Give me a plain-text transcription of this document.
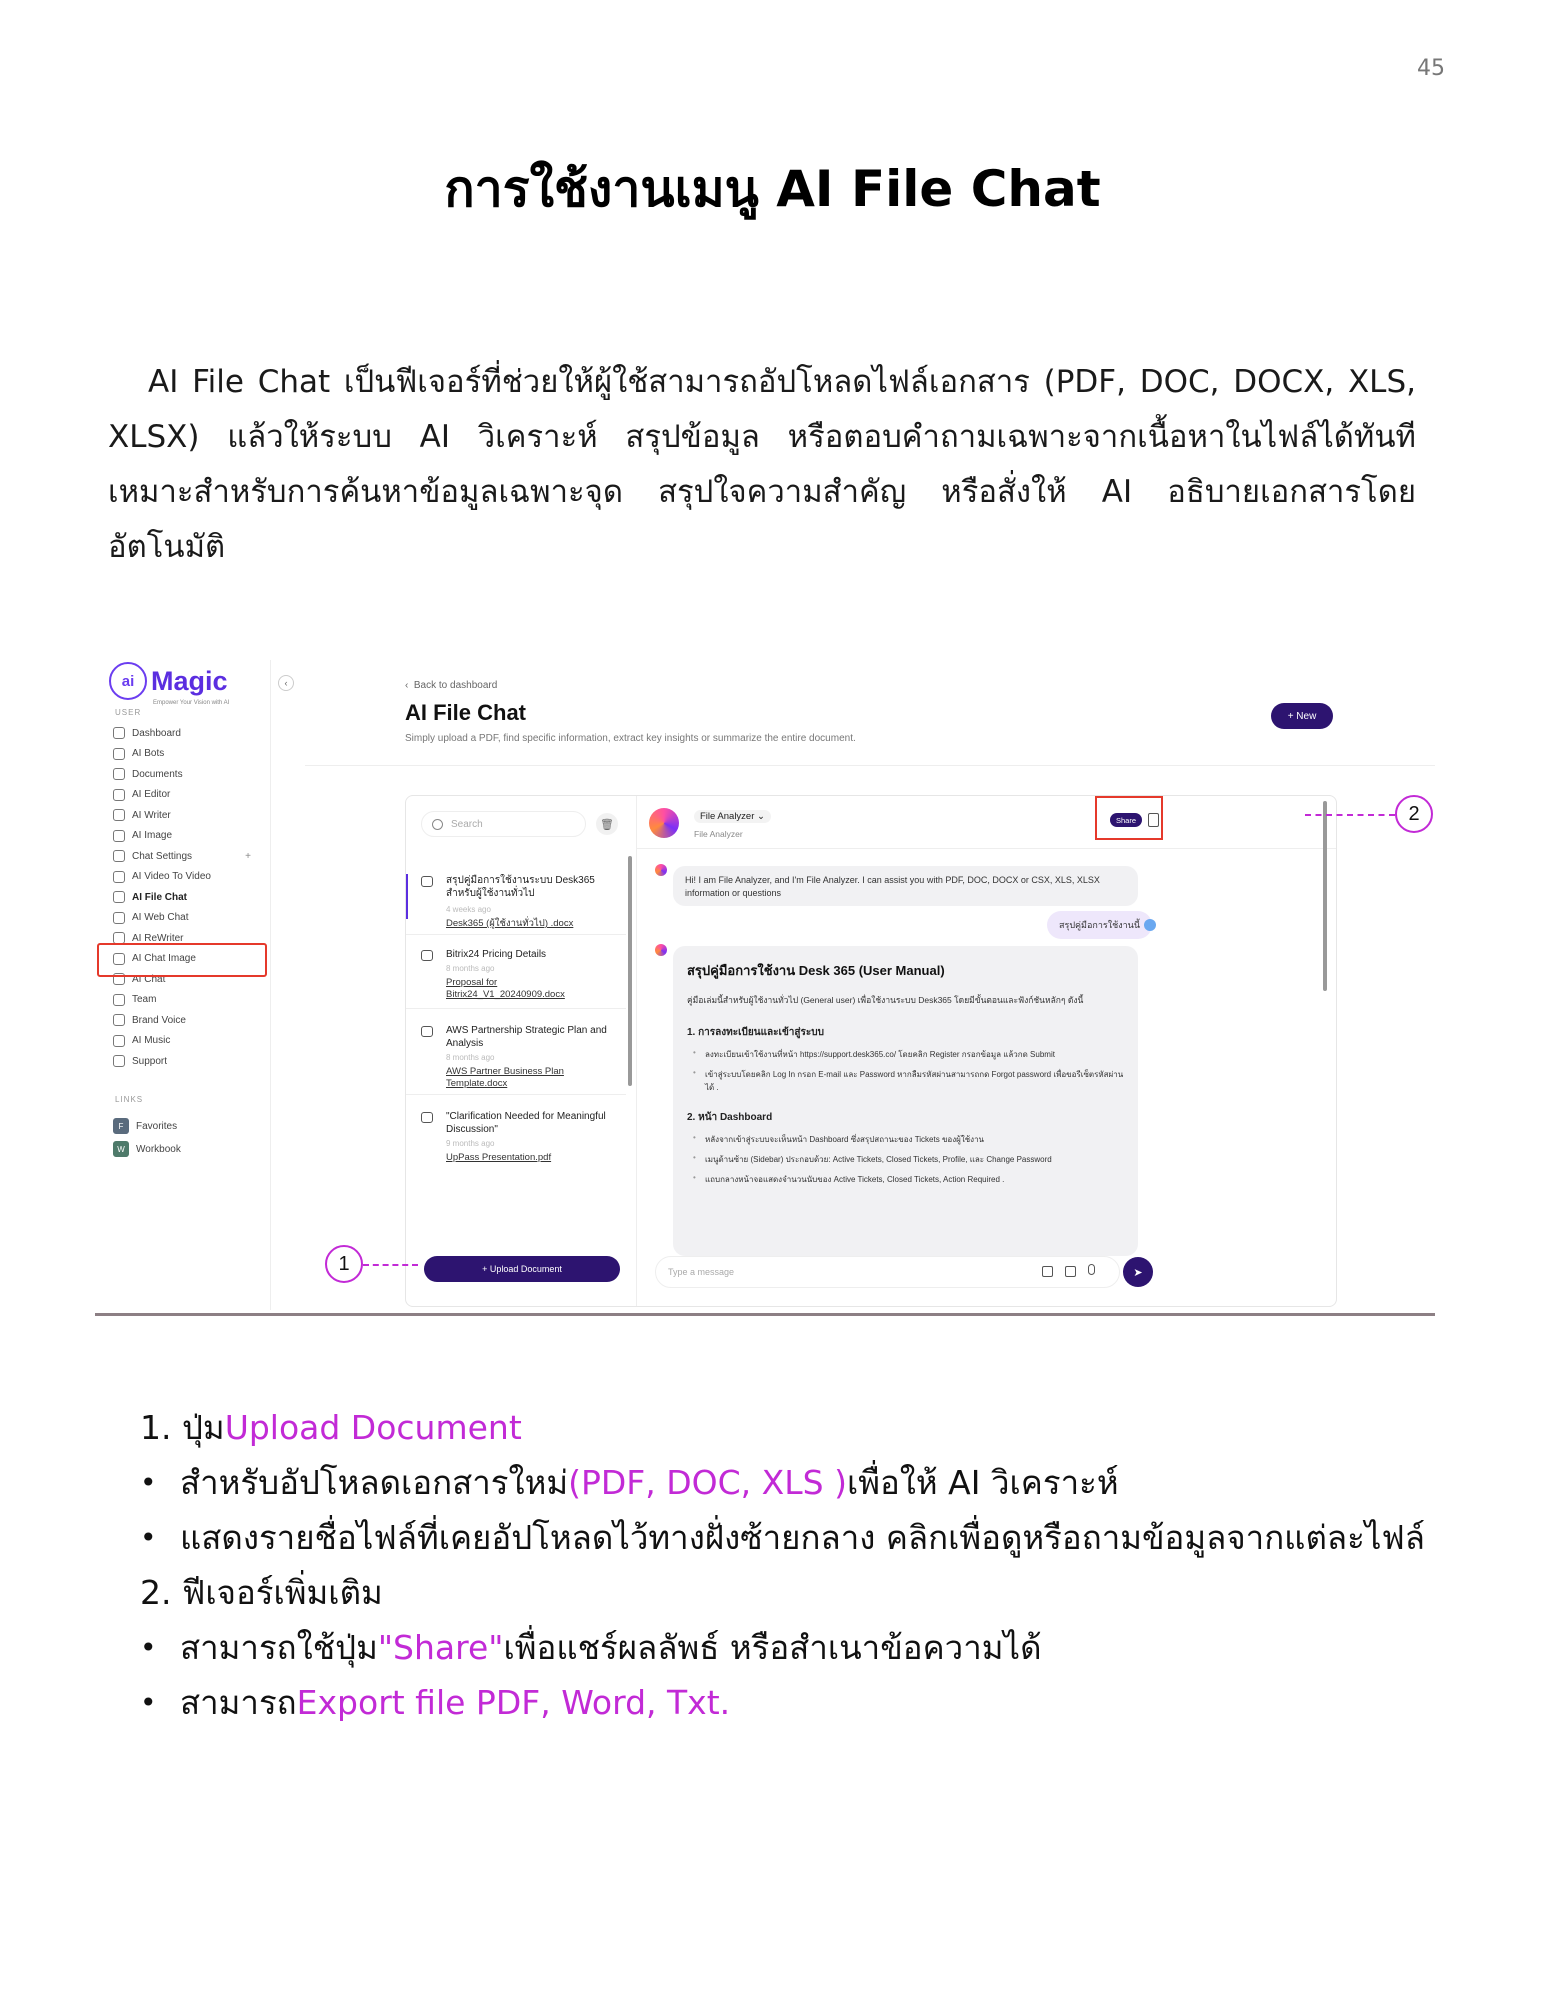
45
การใช้งานเมนู AI File Chat

AI File Chat เป็นฟีเจอร์ที่ช่วยให้ผู้ใช้สามารถอัปโหลดไฟล์เอกสาร (PDF, DOC, DOCX, XLS, XLSX) แล้วให้ระบบ AI วิเคราะห์ สรุปข้อมูล หรือตอบคำถามเฉพาะจากเนื้อหาในไฟล์ได้ทันที เหมาะสำหรับการค้นหาข้อมูลเฉพาะจุด สรุปใจความสำคัญ หรือสั่งให้ AI อธิบายเอกสารโดยอัตโนมัติ

ai Magic
Empower Your Vision with AI
USER
Dashboard
AI Bots
Documents
AI Editor
AI Writer
AI Image
Chat Settings	+
AI Video To Video
AI File Chat
AI Web Chat
AI ReWriter
AI Chat Image
AI Chat
Team
Brand Voice
AI Music
Support
LINKS
F	Favorites
W	Workbook
‹	‹  Back to dashboard
AI File Chat
Simply upload a PDF, find specific information, extract key insights or summarize the entire document.
+ New
Search	🗑
สรุปคู่มือการใช้งานระบบ Desk365 สำหรับผู้ใช้งานทั่วไป
4 weeks ago
Desk365 (ผู้ใช้งานทั่วไป) .docx
Bitrix24 Pricing Details
8 months ago
Proposal for Bitrix24_V1_20240909.docx
AWS Partnership Strategic Plan and Analysis
8 months ago
AWS Partner Business Plan Template.docx
"Clarification Needed for Meaningful Discussion"
9 months ago
UpPass Presentation.pdf
+ Upload Document
File Analyzer ⌄
File Analyzer
Share
Hi! I am File Analyzer, and I'm File Analyzer. I can assist you with PDF, DOC, DOCX or CSX, XLS, XLSX information or questions
สรุปคู่มือการใช้งานนี้
สรุปคู่มือการใช้งาน Desk 365 (User Manual)
คู่มือเล่มนี้สำหรับผู้ใช้งานทั่วไป (General user) เพื่อใช้งานระบบ Desk365 โดยมีขั้นตอนและฟังก์ชันหลักๆ ดังนี้
1. การลงทะเบียนและเข้าสู่ระบบ
• ลงทะเบียนเข้าใช้งานที่หน้า https://support.desk365.co/ โดยคลิก Register กรอกข้อมูล แล้วกด Submit
• เข้าสู่ระบบโดยคลิก Log In กรอก E-mail และ Password หากลืมรหัสผ่านสามารถกด Forgot password เพื่อขอรีเซ็ตรหัสผ่านได้ .
2. หน้า Dashboard
• หลังจากเข้าสู่ระบบจะเห็นหน้า Dashboard ซึ่งสรุปสถานะของ Tickets ของผู้ใช้งาน
• เมนูด้านซ้าย (Sidebar) ประกอบด้วย: Active Tickets, Closed Tickets, Profile, และ Change Password
• แถบกลางหน้าจอแสดงจำนวนนับของ Active Tickets, Closed Tickets, Action Required .
Type a message	➤
1
2
1. ปุ่ม Upload Document
• สำหรับอัปโหลดเอกสารใหม่ (PDF, DOC, XLS ) เพื่อให้ AI วิเคราะห์
• แสดงรายชื่อไฟล์ที่เคยอัปโหลดไว้ทางฝั่งซ้ายกลาง คลิกเพื่อดูหรือถามข้อมูลจากแต่ละไฟล์
2. ฟีเจอร์เพิ่มเติม
• สามารถใช้ปุ่ม "Share" เพื่อแชร์ผลลัพธ์ หรือสำเนาข้อความได้
• สามารถ Export file PDF, Word, Txt.
